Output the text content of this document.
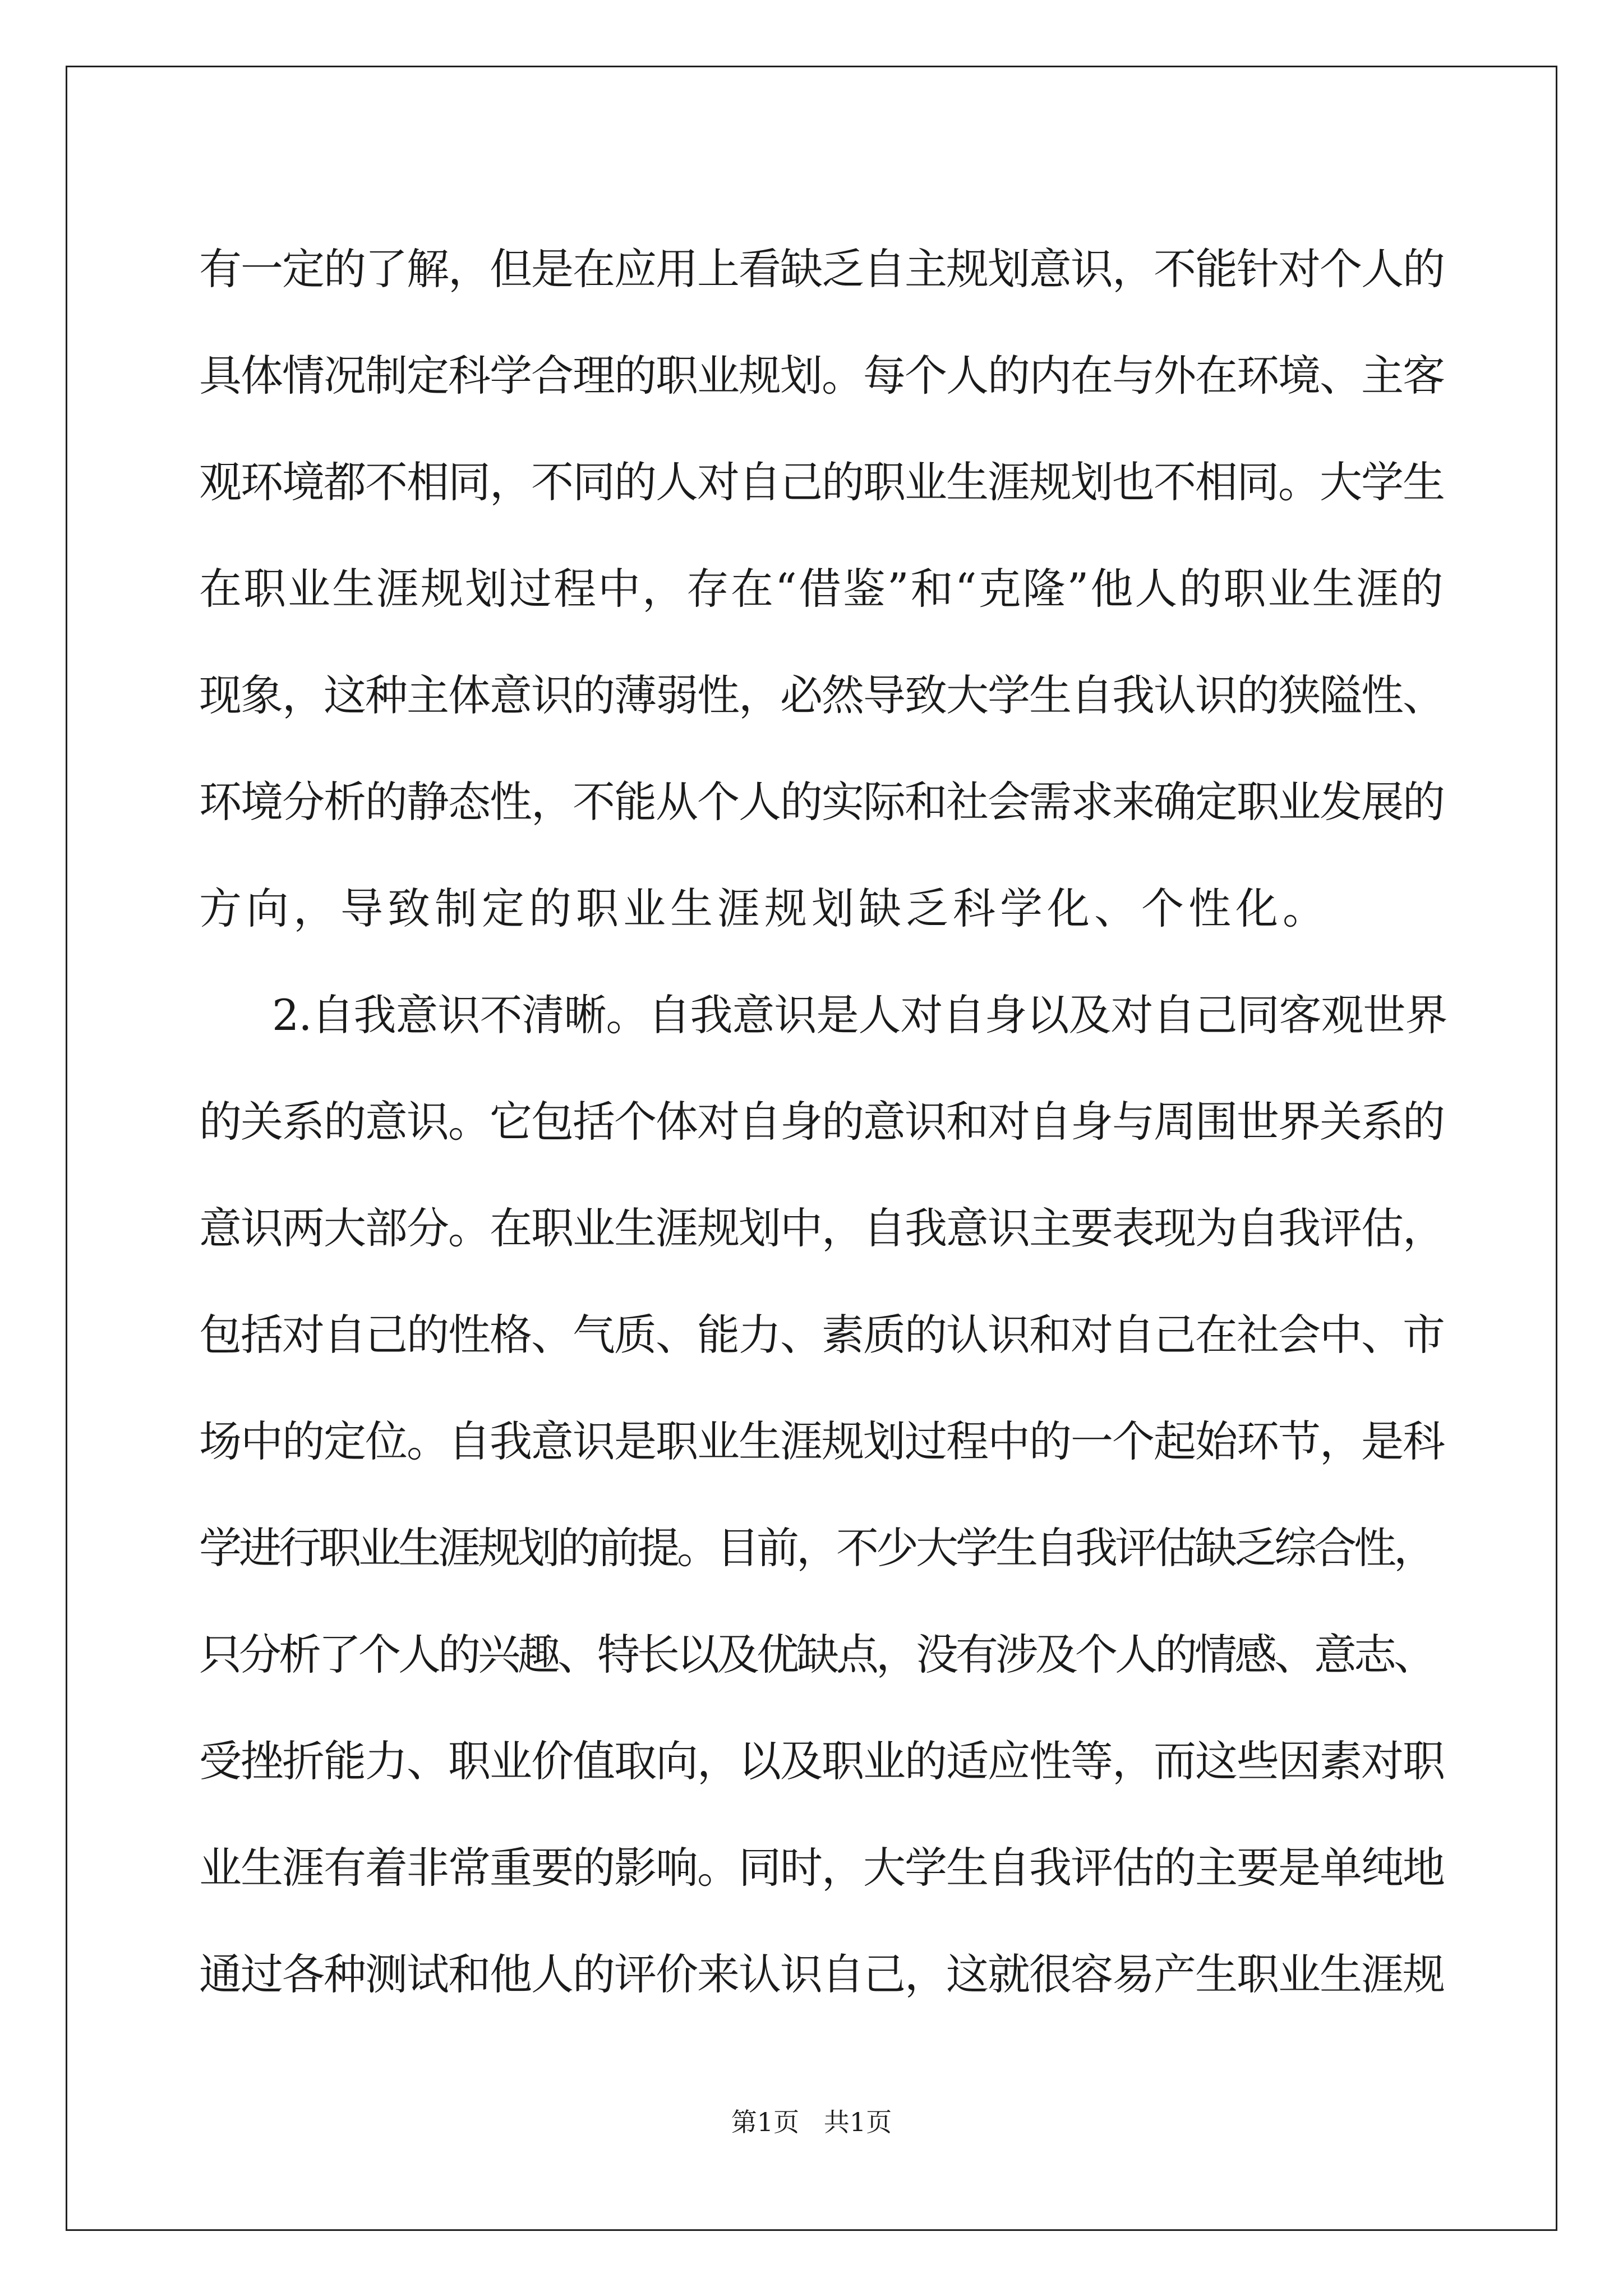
有一定的了解，但是在应用上看缺乏自主规划意识，不能针对个人的
具体情况制定科学合理的职业规划。每个人的内在与外在环境、主客
观环境都不相同，不同的人对自己的职业生涯规划也不相同。大学生
在职业生涯规划过程中，存在“借鉴”和“克隆”他人的职业生涯的
现象，这种主体意识的薄弱性，必然导致大学生自我认识的狭隘性、
环境分析的静态性，不能从个人的实际和社会需求来确定职业发展的
方向，导致制定的职业生涯规划缺乏科学化、个性化。
2.自我意识不清晰。自我意识是人对自身以及对自己同客观世界
的关系的意识。它包括个体对自身的意识和对自身与周围世界关系的
意识两大部分。在职业生涯规划中，自我意识主要表现为自我评估，
包括对自己的性格、气质、能力、素质的认识和对自己在社会中、市
场中的定位。自我意识是职业生涯规划过程中的一个起始环节，是科
学进行职业生涯规划的前提。目前，不少大学生自我评估缺乏综合性，
只分析了个人的兴趣、特长以及优缺点，没有涉及个人的情感、意志、
受挫折能力、职业价值取向，以及职业的适应性等，而这些因素对职
业生涯有着非常重要的影响。同时，大学生自我评估的主要是单纯地
通过各种测试和他人的评价来认识自己，这就很容易产生职业生涯规
第1页   共1页
